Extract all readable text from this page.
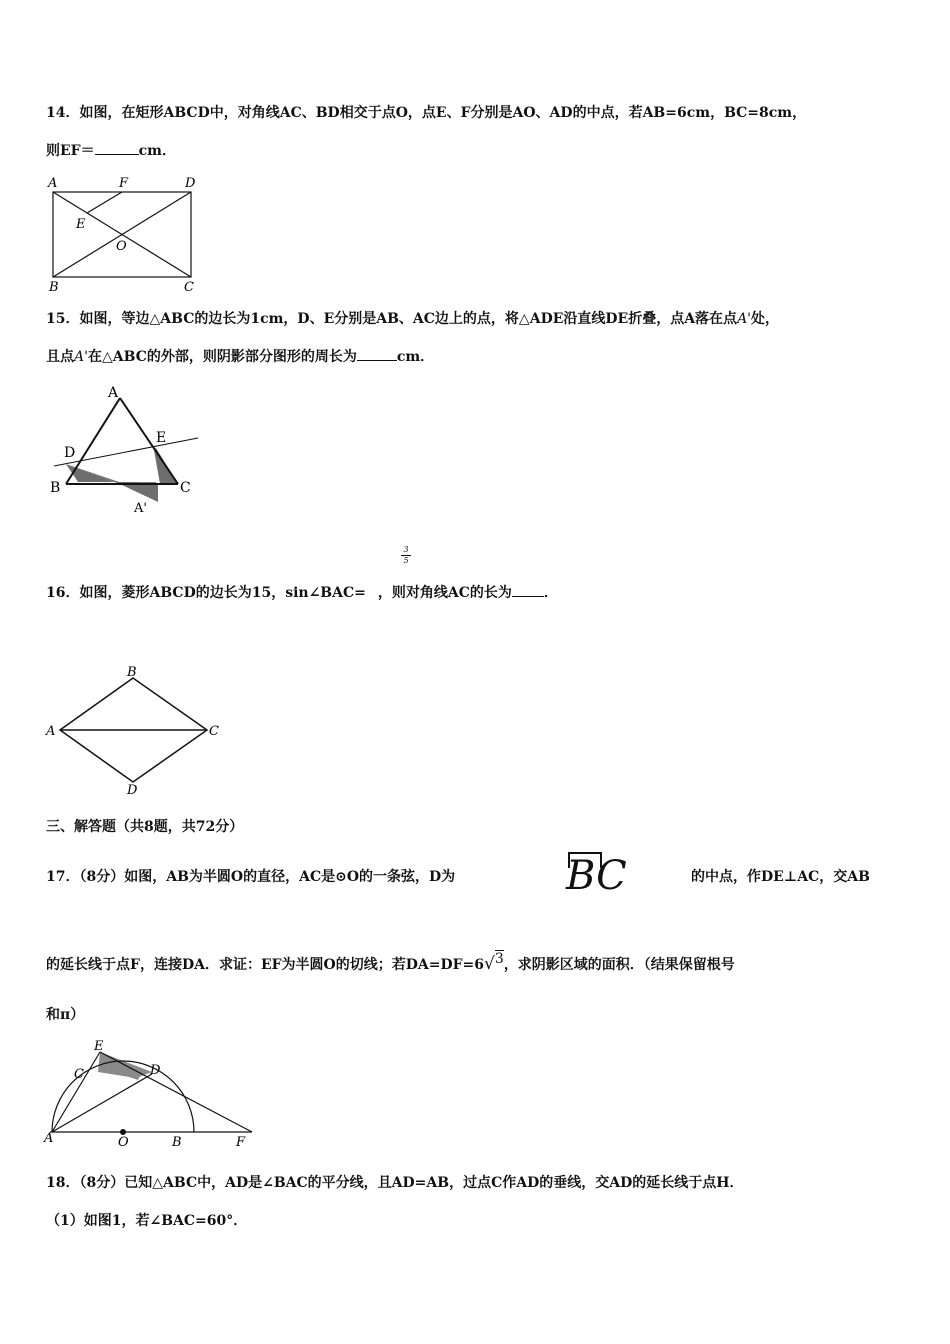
14．如图，在矩形ABCD中，对角线AC、BD相交于点O，点E、F分别是AO、AD的中点，若AB=6cm，BC=8cm，
则EF＝	cm．
A	F	D
E
O
B	C
15．如图，等边△ABC的边长为1cm，D、E分别是AB、AC边上的点，将△ADE沿直线DE折叠，点A落在点A'处，
且点A'在△ABC的外部，则阴影部分图形的周长为	cm．
A
D
E
B	C
A'
$\frac{3}{5}$
16．如图，菱形ABCD的边长为15，sin∠BAC= ，则对角线AC的长为 ．
B
A	C
D
三、解答题（共8题，共72分）
17．（8分）如图，AB为半圆O的直径，AC是⊙O的一条弦，D为	BC	的中点，作DE⊥AC，交AB
的延长线于点F，连接DA．求证：EF为半圆O的切线；若DA=DF=6√3，求阴影区域的面积．（结果保留根号
和π）
E
C	D
A	O	B	F
18．（8分）已知△ABC中，AD是∠BAC的平分线，且AD=AB，过点C作AD的垂线，交AD的延长线于点H．
（1）如图1，若∠BAC=60°．
